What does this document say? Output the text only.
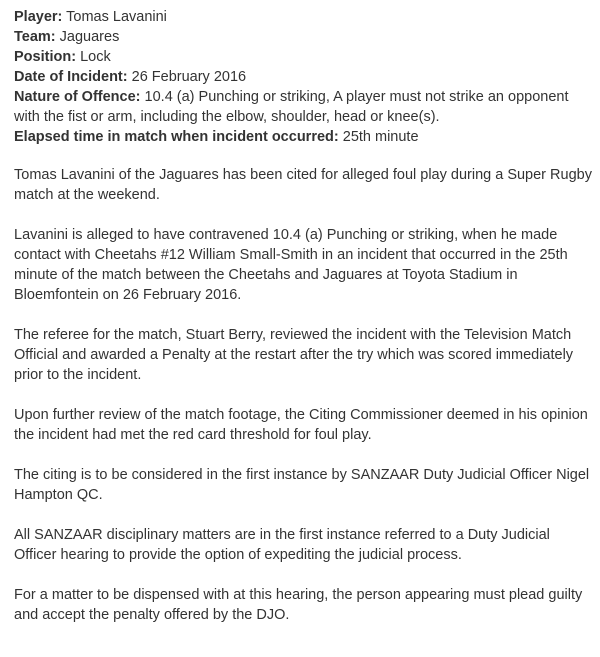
Player: Tomas Lavanini

Team: Jaguares

Position: Lock

Date of Incident: 26 February 2016

Nature of Offence: 10.4 (a) Punching or striking, A player must not strike an opponent with the fist or arm, including the elbow, shoulder, head or knee(s).

Elapsed time in match when incident occurred: 25th minute

Tomas Lavanini of the Jaguares has been cited for alleged foul play during a Super Rugby match at the weekend.

Lavanini is alleged to have contravened 10.4 (a) Punching or striking, when he made contact with Cheetahs #12 William Small-Smith in an incident that occurred in the 25th minute of the match between the Cheetahs and Jaguares at Toyota Stadium in Bloemfontein on 26 February 2016.

The referee for the match, Stuart Berry, reviewed the incident with the Television Match Official and awarded a Penalty at the restart after the try which was scored immediately prior to the incident.

Upon further review of the match footage, the Citing Commissioner deemed in his opinion the incident had met the red card threshold for foul play.

The citing is to be considered in the first instance by SANZAAR Duty Judicial Officer Nigel Hampton QC.

All SANZAAR disciplinary matters are in the first instance referred to a Duty Judicial Officer hearing to provide the option of expediting the judicial process.

For a matter to be dispensed with at this hearing, the person appearing must plead guilty and accept the penalty offered by the DJO.
